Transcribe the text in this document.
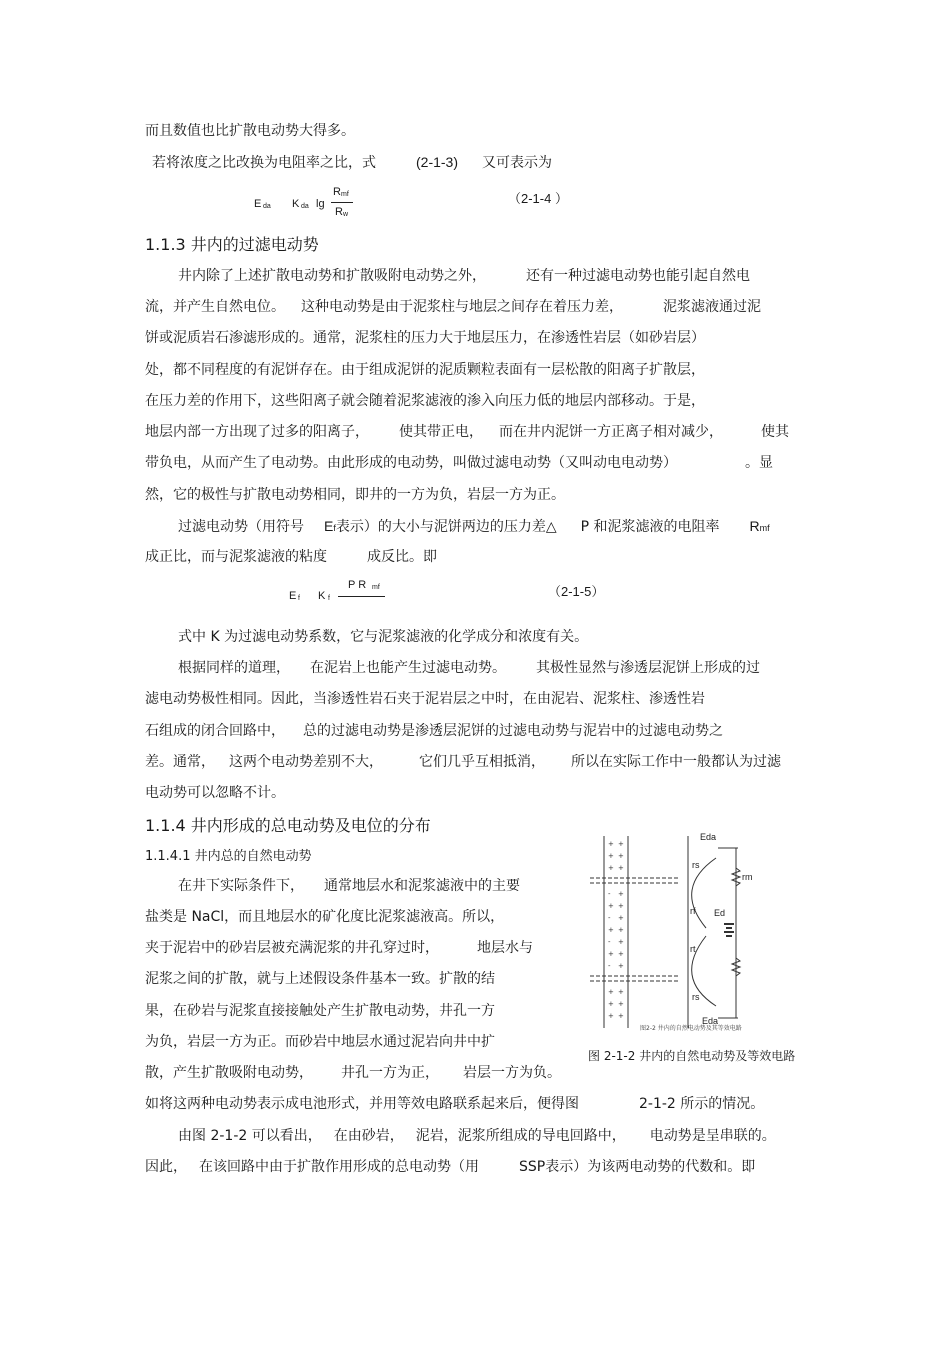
而且数值也比扩散电动势大得多。
若将浓度之比改换为电阻率之比，式	(2-1-3) 又可表示为
E da K da lg
R mf
R w
（2-1-4 ）
1.1.3 井内的过滤电动势
井内除了上述扩散电动势和扩散吸附电动势之外，	还有一种过滤电动势也能引起自然电
流，并产生自然电位。 这种电动势是由于泥浆柱与地层之间存在着压力差，	泥浆滤液通过泥
饼或泥质岩石渗滤形成的。通常，泥浆柱的压力大于地层压力，在渗透性岩层（如砂岩层）
处，都不同程度的有泥饼存在。由于组成泥饼的泥质颗粒表面有一层松散的阳离子扩散层，
在压力差的作用下，这些阳离子就会随着泥浆滤液的渗入向压力低的地层内部移动。于是，
地层内部一方出现了过多的阳离子， 使其带正电， 而在井内泥饼一方正离子相对减少，	使其
带负电，从而产生了电动势。由此形成的电动势，叫做过滤电动势（又叫动电电动势）	。显
然，它的极性与扩散电动势相同，即井的一方为负，岩层一方为正。
过滤电动势（用符号 Ef表示）的大小与泥饼两边的压力差△ P 和泥浆滤液的电阻率 Rmf
成正比，而与泥浆滤液的粘度	成反比。即
E f K f
P R mf	（2-1-5）
式中 K 为过滤电动势系数，它与泥浆滤液的化学成分和浓度有关。
根据同样的道理， 在泥岩上也能产生过滤电动势。 其极性显然与渗透层泥饼上形成的过
滤电动势极性相同。因此，当渗透性岩石夹于泥岩层之中时，在由泥岩、泥浆柱、渗透性岩
石组成的闭合回路中， 总的过滤电动势是渗透层泥饼的过滤电动势与泥岩中的过滤电动势之
差。通常， 这两个电动势差别不大，	它们几乎互相抵消， 所以在实际工作中一般都认为过滤
电动势可以忽略不计。
1.1.4 井内形成的总电动势及电位的分布
1.1.4.1 井内总的自然电动势
在井下实际条件下， 通常地层水和泥浆滤液中的主要
盐类是 NaCl，而且地层水的矿化度比泥浆滤液高。所以，
夹于泥岩中的砂岩层被充满泥浆的井孔穿过时，	地层水与
泥浆之间的扩散，就与上述假设条件基本一致。扩散的结
果，在砂岩与泥浆直接接触处产生扩散电动势，井孔一方
为负，岩层一方为正。而砂岩中地层水通过泥岩向井中扩
散，产生扩散吸附电动势， 井孔一方为正， 岩层一方为负。
如将这两种电动势表示成电池形式，并用等效电路联系起来后，便得图	2-1-2 所示的情况。
由图 2-1-2 可以看出， 在由砂岩， 泥岩，泥浆所组成的导电回路中， 电动势是呈串联的。
因此， 在该回路中由于扩散作用形成的总电动势（用	SSP表示）为该两电动势的代数和。即
+ +
+ +
+ +
- +
+ +
- +
+ +
- +
+ +
- +
+ +
+ +
+ +
Eda
rs
rf Ed
rt
rs
Eda
rm
图2-2 井内的自然电动势及其等效电路
图 2-1-2 井内的自然电动势及等效电路
